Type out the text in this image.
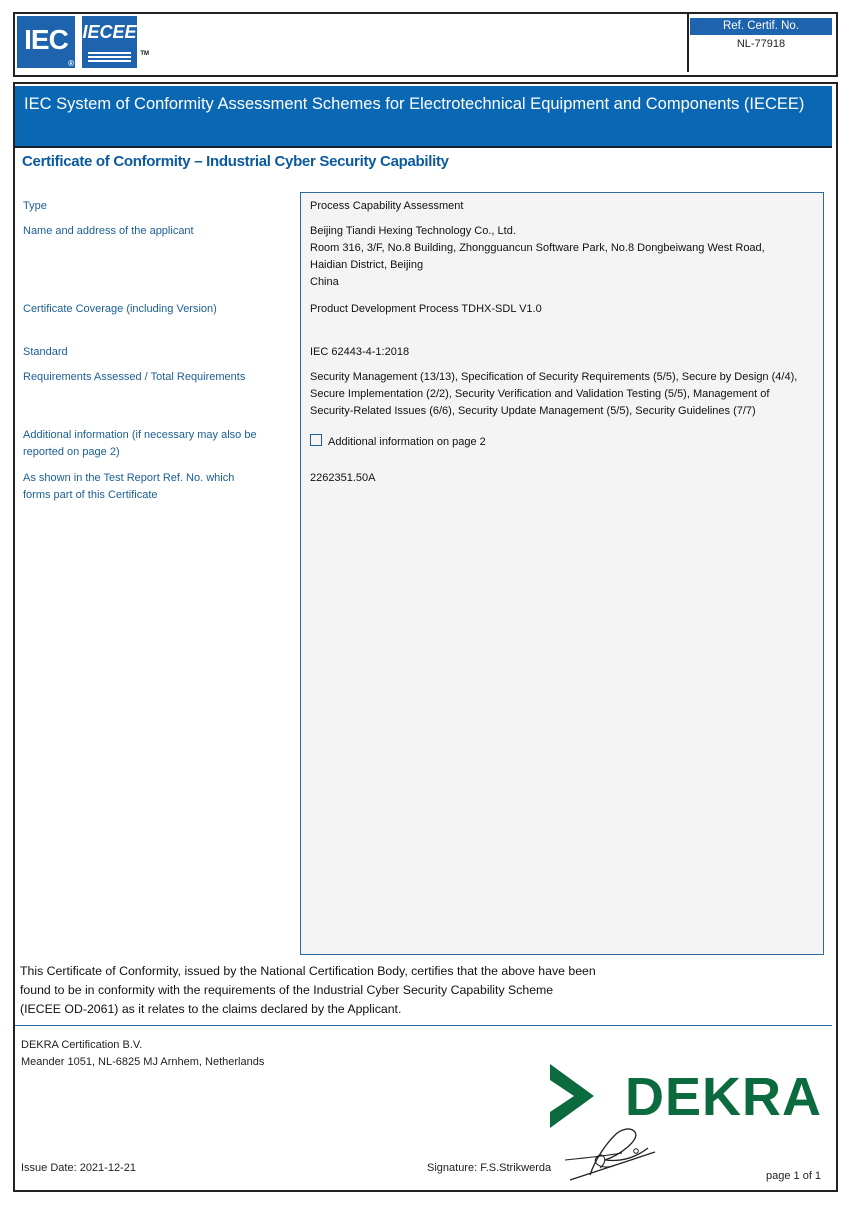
IEC
®
IECEE
TM
Ref. Certif. No.
NL-77918
IEC System of Conformity Assessment Schemes for Electrotechnical Equipment and Components (IECEE)
Certificate of Conformity – Industrial Cyber Security Capability
Type
Name and address of the applicant
Certificate Coverage (including Version)
Standard
Requirements Assessed / Total Requirements
Additional information (if necessary may also be
reported on page 2)
As shown in the Test Report Ref. No. which
forms part of this Certificate
Process Capability Assessment
Beijing Tiandi Hexing Technology Co., Ltd.
Room 316, 3/F, No.8 Building, Zhongguancun Software Park, No.8 Dongbeiwang West Road,
Haidian District, Beijing
China
Product Development Process TDHX-SDL V1.0
IEC 62443-4-1:2018
Security Management (13/13), Specification of Security Requirements (5/5), Secure by Design (4/4),
Secure Implementation (2/2), Security Verification and Validation Testing (5/5), Management of
Security-Related Issues (6/6), Security Update Management (5/5), Security Guidelines (7/7)
Additional information on page 2
2262351.50A
This Certificate of Conformity, issued by the National Certification Body, certifies that the above have been
found to be in conformity with the requirements of the Industrial Cyber Security Capability Scheme
(IECEE OD-2061) as it relates to the claims declared by the Applicant.
DEKRA Certification B.V.
Meander 1051, NL-6825 MJ Arnhem, Netherlands
DEKRA
Issue Date: 2021-12-21	Signature: F.S.Strikwerda
page 1 of 1
